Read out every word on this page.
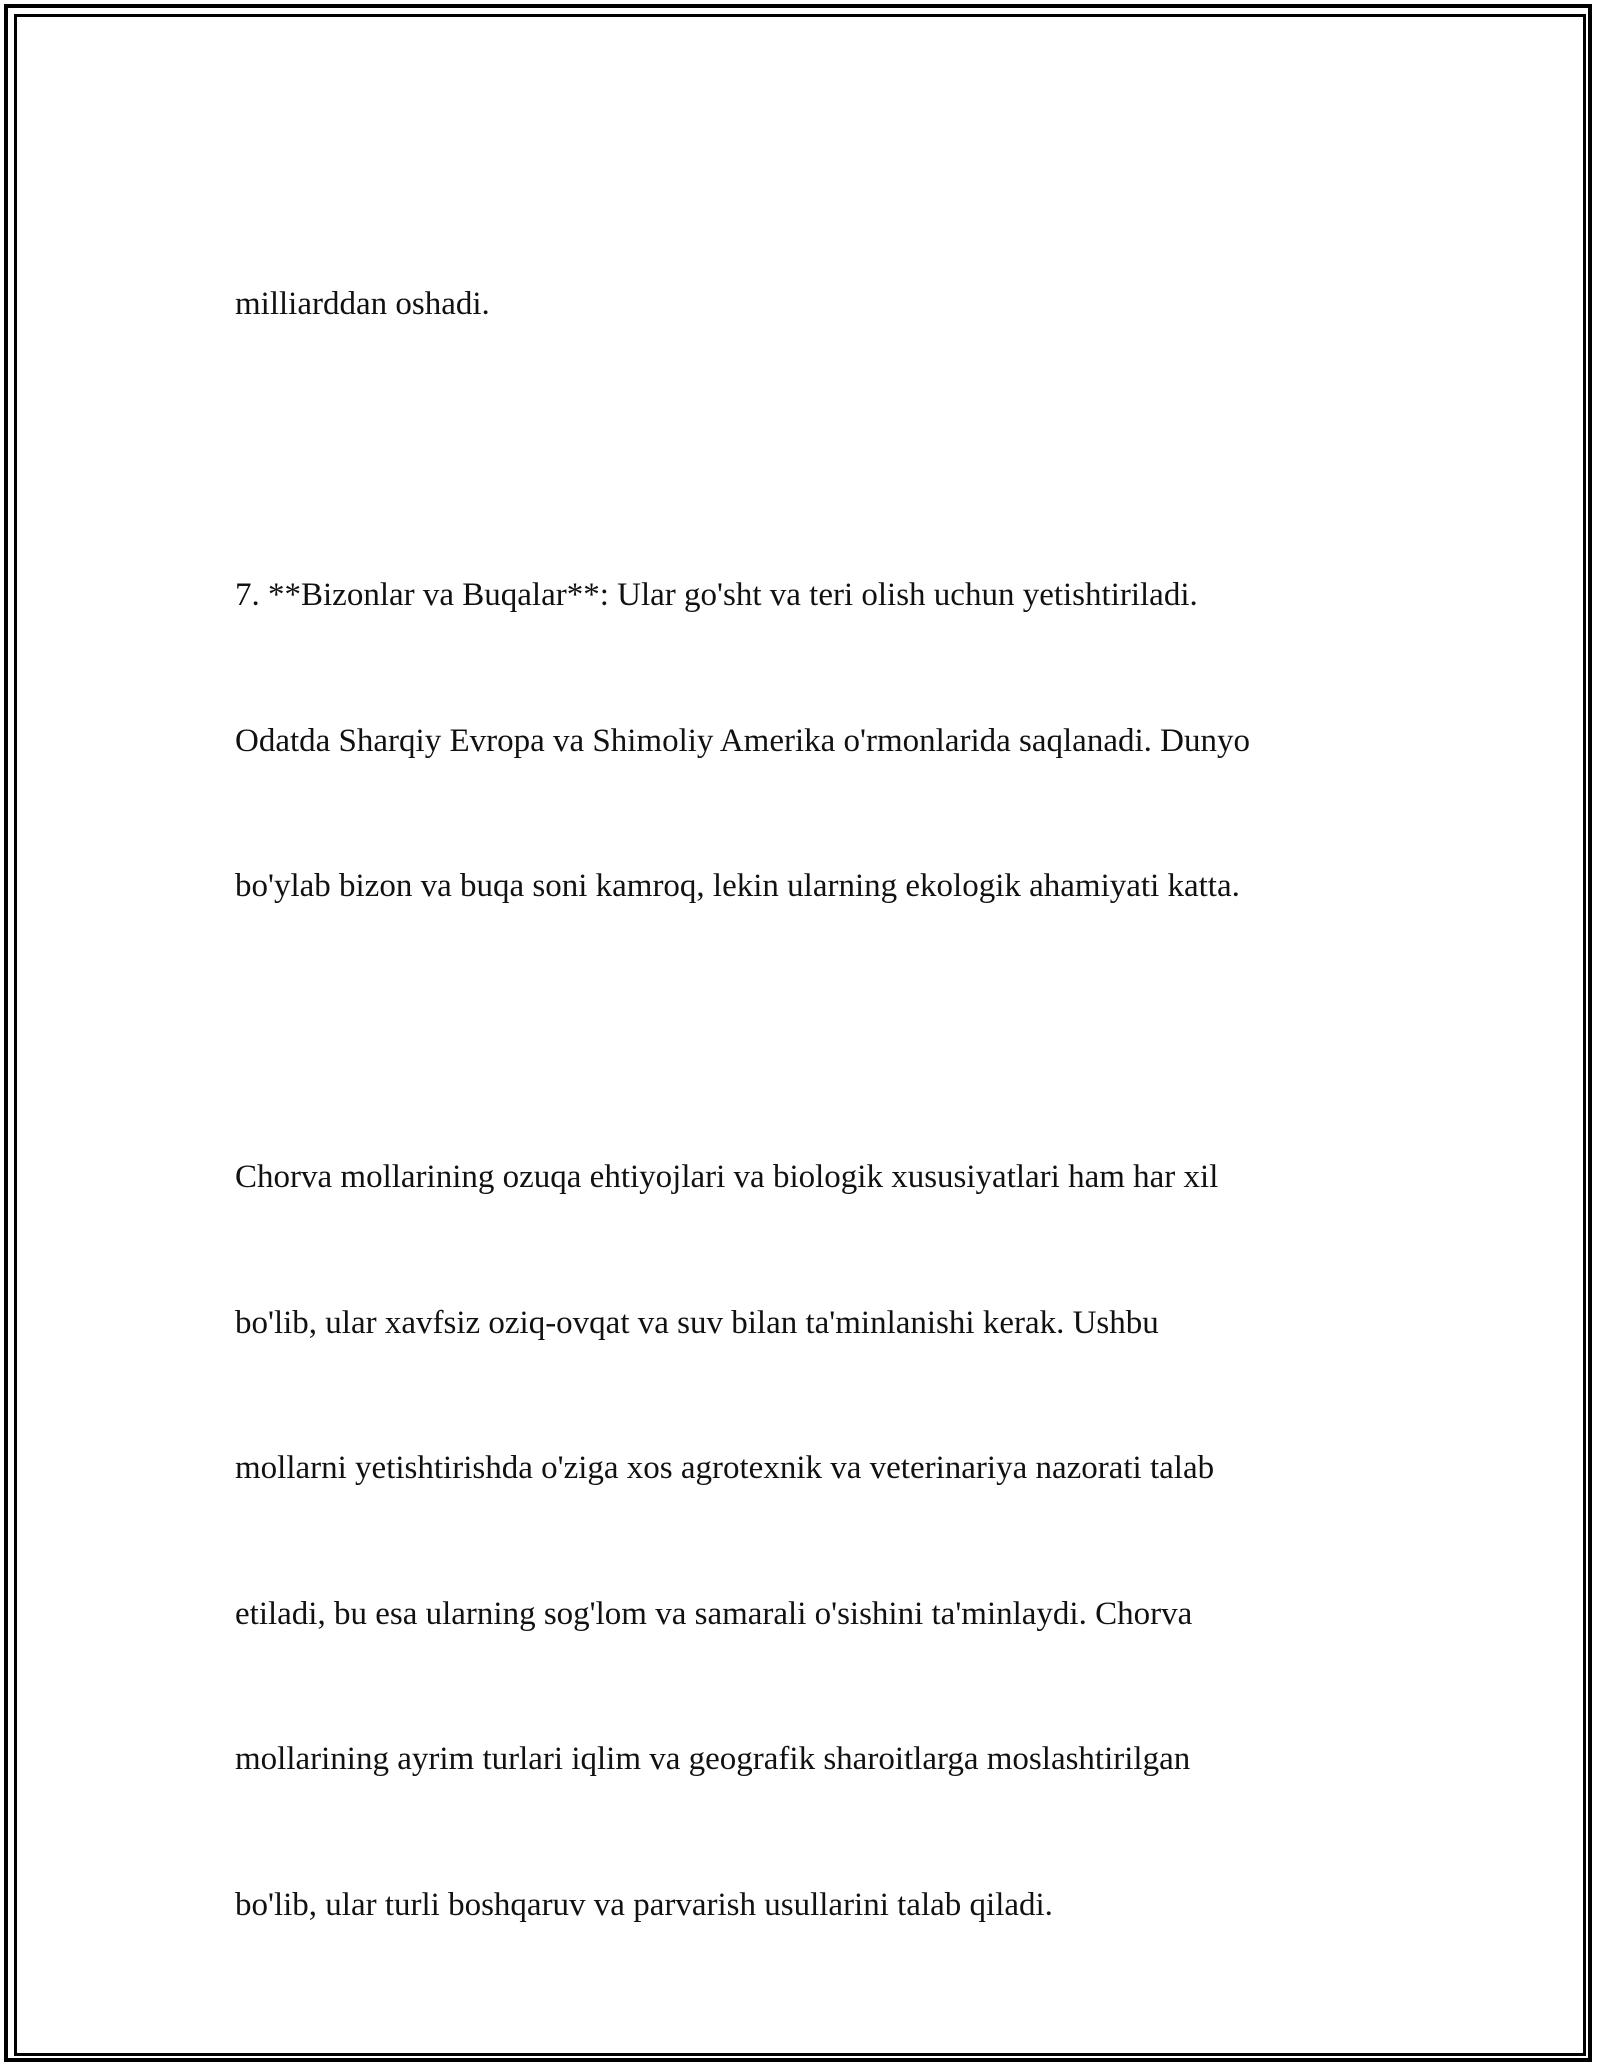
milliarddan oshadi.

7. **Bizonlar va Buqalar**: Ular go'sht va teri olish uchun yetishtiriladi.

Odatda Sharqiy Evropa va Shimoliy Amerika o'rmonlarida saqlanadi. Dunyo

bo'ylab bizon va buqa soni kamroq, lekin ularning ekologik ahamiyati katta.

Chorva mollarining ozuqa ehtiyojlari va biologik xususiyatlari ham har xil

bo'lib, ular xavfsiz oziq-ovqat va suv bilan ta'minlanishi kerak. Ushbu

mollarni yetishtirishda o'ziga xos agrotexnik va veterinariya nazorati talab

etiladi, bu esa ularning sog'lom va samarali o'sishini ta'minlaydi. Chorva

mollarining ayrim turlari iqlim va geografik sharoitlarga moslashtirilgan

bo'lib, ular turli boshqaruv va parvarish usullarini talab qiladi.
